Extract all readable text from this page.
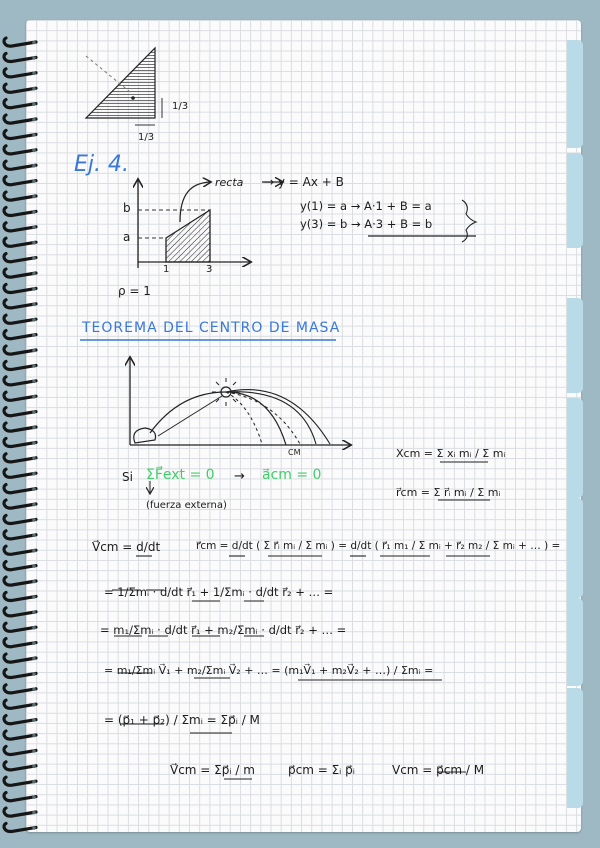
1/3
1/3
Ej. 4.
recta → y = Ax + B
y(1) = a → A·1 + B = a
y(3) = b → A·3 + B = b
b
a
1	3
ρ = 1
TEOREMA DEL CENTRO DE MASA
CM
Si ΣF⃗ext = 0 → a⃗cm = 0
(fuerza externa)
Xcm = Σ xᵢ mᵢ / Σ mᵢ
r⃗cm = Σ r⃗ᵢ mᵢ / Σ mᵢ
V⃗cm = d/dt	r⃗cm = d/dt ( Σ r⃗ᵢ mᵢ / Σ mᵢ ) = d/dt ( r⃗₁ m₁ / Σ mᵢ + r⃗₂ m₂ / Σ mᵢ + … ) =
= 1/Σmᵢ · d/dt r⃗₁ + 1/Σmᵢ · d/dt r⃗₂ + … =
= m₁/Σmᵢ · d/dt r⃗₁ + m₂/Σmᵢ · d/dt r⃗₂ + … =
= m₁/Σmᵢ V⃗₁ + m₂/Σmᵢ V⃗₂ + … = (m₁V⃗₁ + m₂V⃗₂ + …) / Σmᵢ =
= (p⃗₁ + p⃗₂) / Σmᵢ = Σp⃗ᵢ / M
V⃗cm = Σp⃗ᵢ / m	p⃗cm = Σᵢ p⃗ᵢ	Vcm = p⃗cm / M
